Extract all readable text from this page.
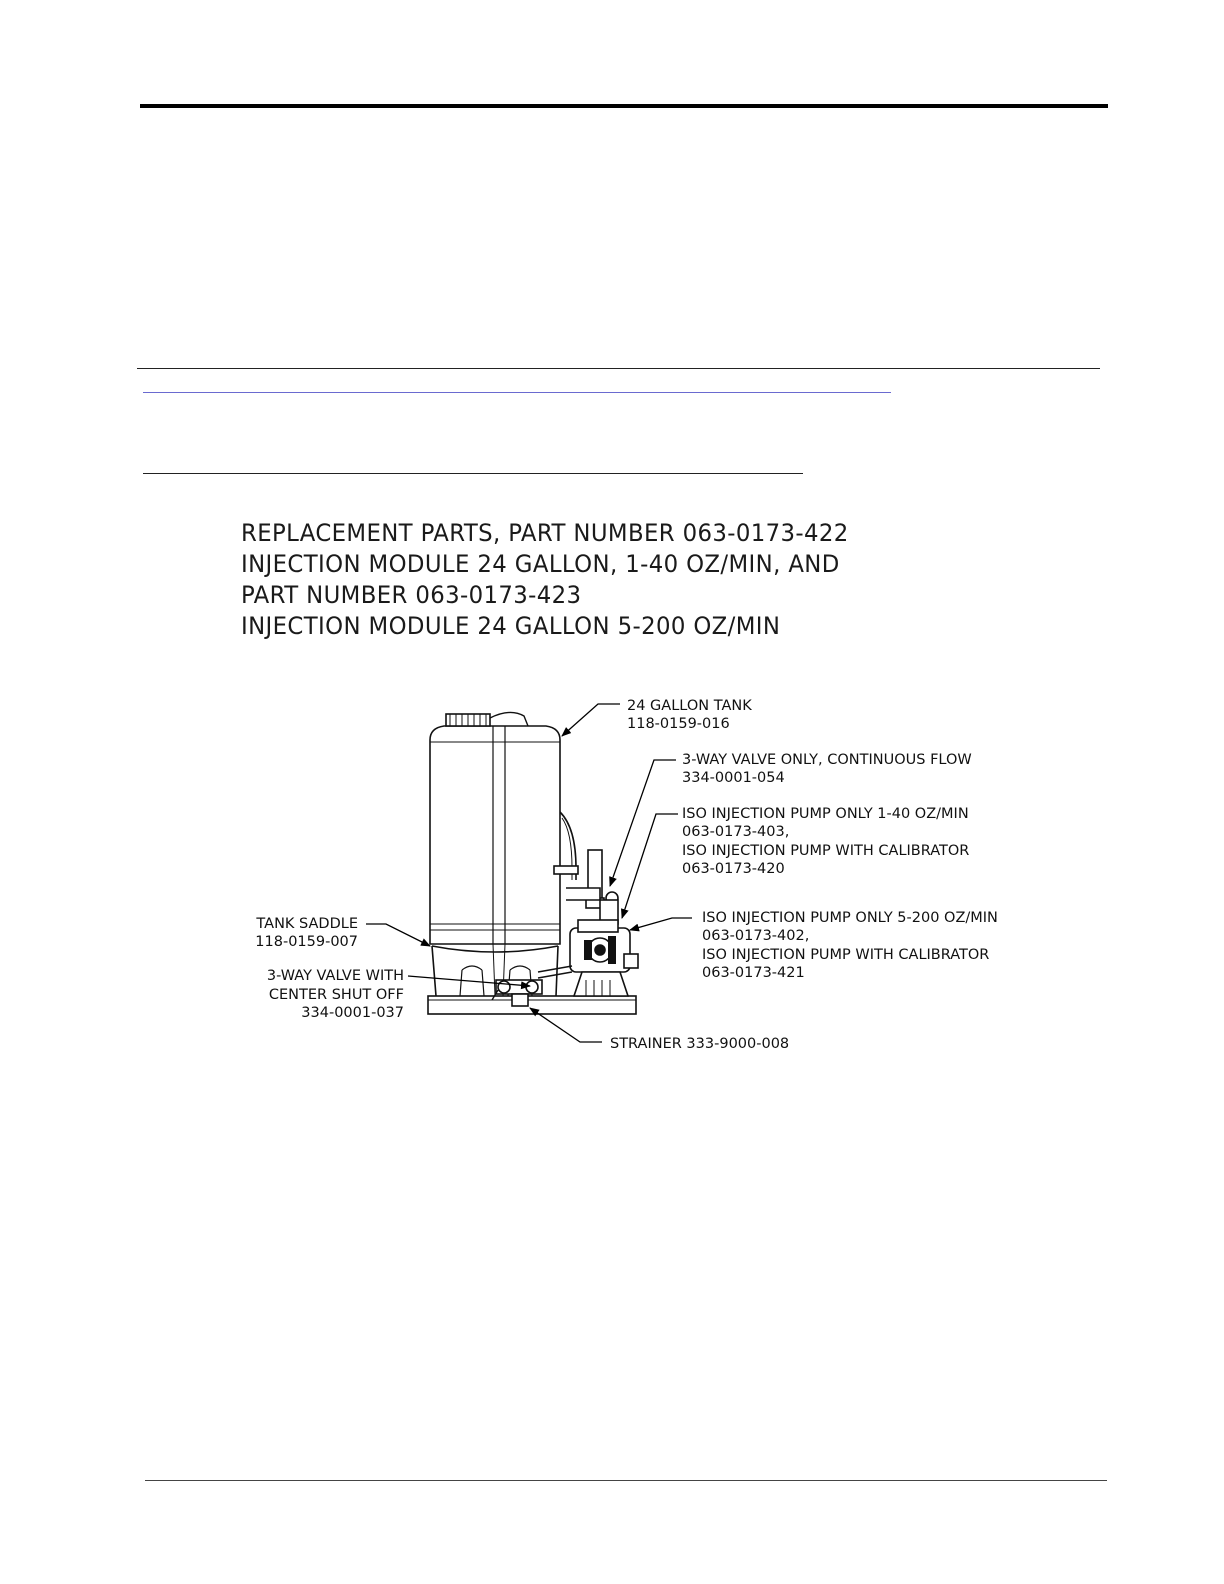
REPLACEMENT PARTS, PART NUMBER 063-0173-422
INJECTION MODULE 24 GALLON, 1-40 OZ/MIN, AND
PART NUMBER 063-0173-423
INJECTION MODULE 24 GALLON 5-200 OZ/MIN
24 GALLON TANK
118-0159-016
3-WAY VALVE ONLY, CONTINUOUS FLOW
334-0001-054
ISO INJECTION PUMP ONLY 1-40 OZ/MIN
063-0173-403,
ISO INJECTION PUMP WITH CALIBRATOR
063-0173-420
ISO INJECTION PUMP ONLY 5-200 OZ/MIN
063-0173-402,
ISO INJECTION PUMP WITH CALIBRATOR
063-0173-421
TANK SADDLE
118-0159-007
3-WAY VALVE WITH
CENTER SHUT OFF
334-0001-037
STRAINER 333-9000-008
